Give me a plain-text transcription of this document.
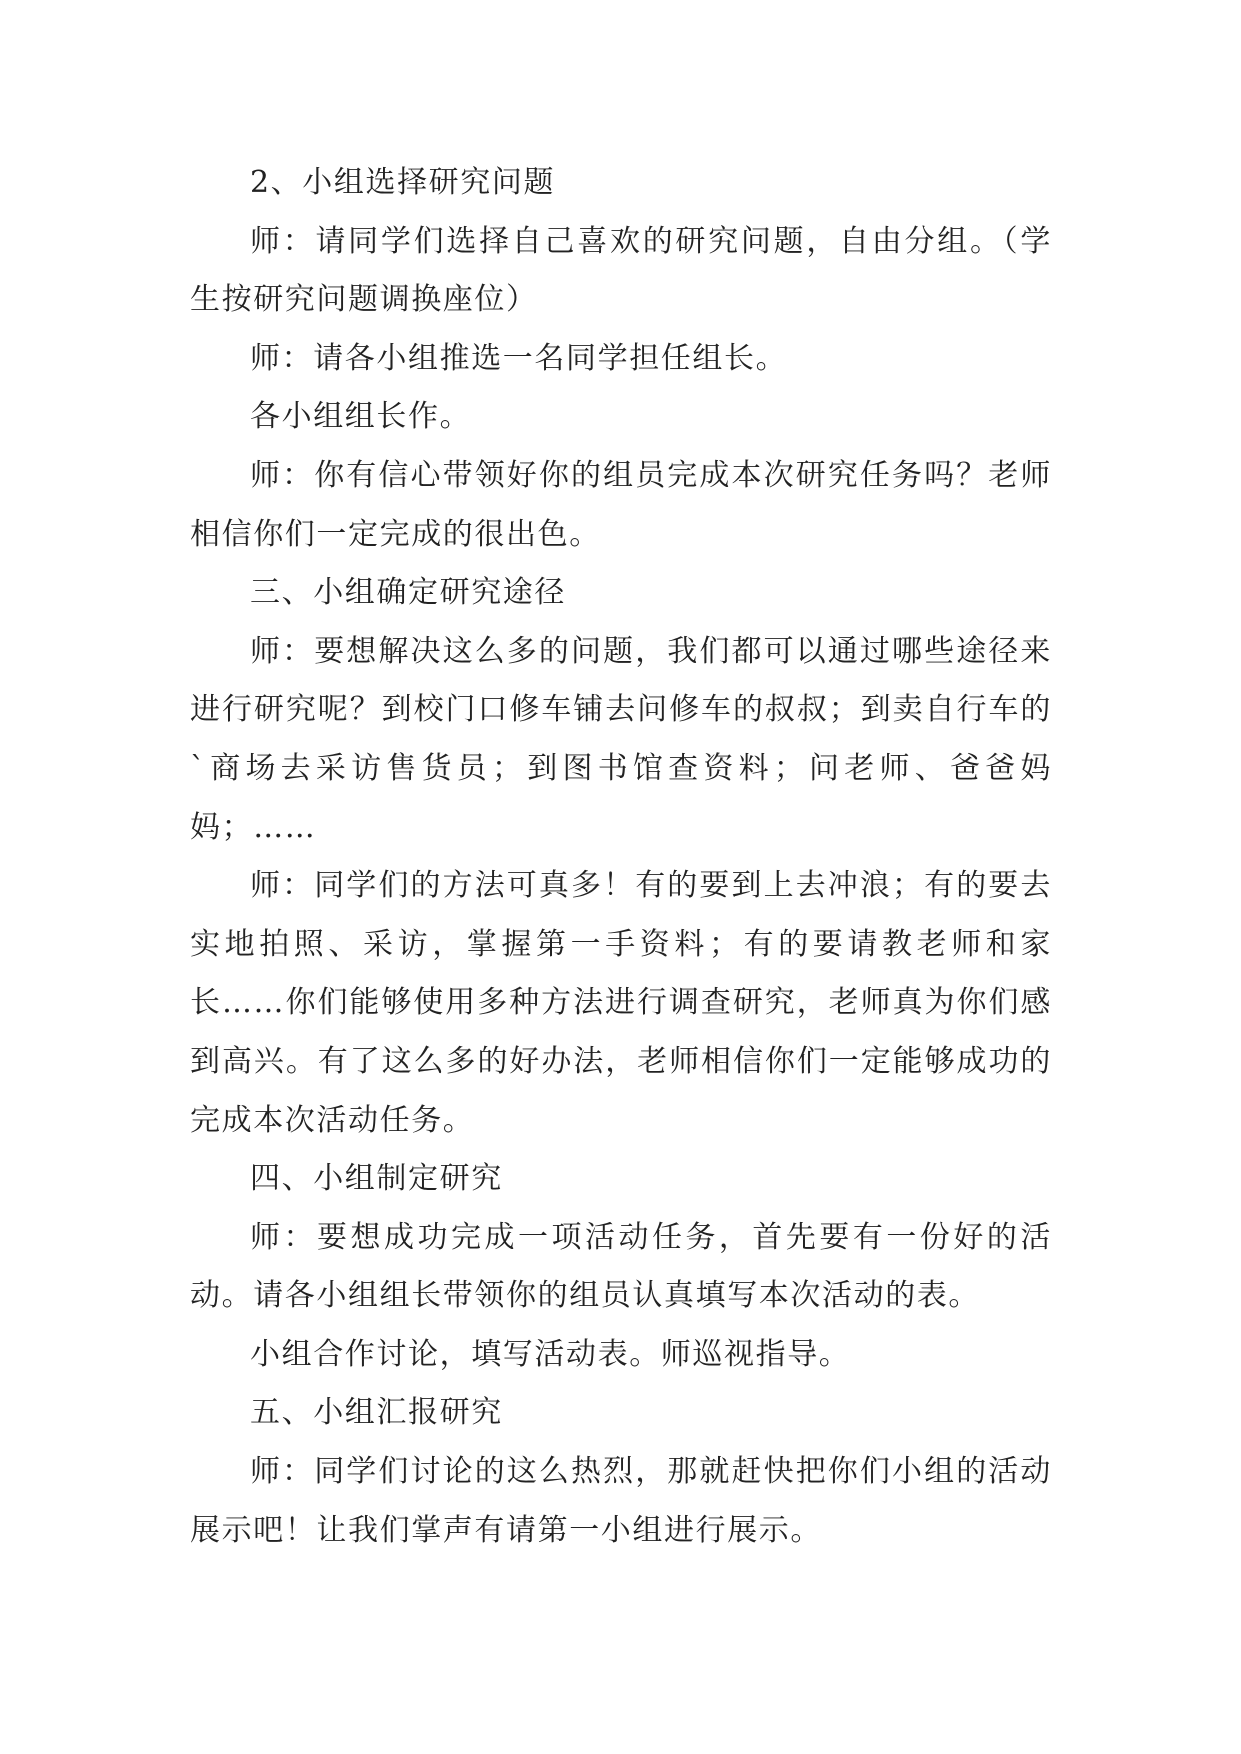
2、小组选择研究问题

师：请同学们选择自己喜欢的研究问题，自由分组。（学生按研究问题调换座位）

师：请各小组推选一名同学担任组长。

各小组组长作。

师：你有信心带领好你的组员完成本次研究任务吗？老师相信你们一定完成的很出色。

三、小组确定研究途径

师：要想解决这么多的问题，我们都可以通过哪些途径来进行研究呢？到校门口修车铺去问修车的叔叔；到卖自行车的`商场去采访售货员；到图书馆查资料；问老师、爸爸妈妈；……

师：同学们的方法可真多！有的要到上去冲浪；有的要去实地拍照、采访，掌握第一手资料；有的要请教老师和家长……你们能够使用多种方法进行调查研究，老师真为你们感到高兴。有了这么多的好办法，老师相信你们一定能够成功的完成本次活动任务。

四、小组制定研究

师：要想成功完成一项活动任务，首先要有一份好的活动。请各小组组长带领你的组员认真填写本次活动的表。

小组合作讨论，填写活动表。师巡视指导。

五、小组汇报研究

师：同学们讨论的这么热烈，那就赶快把你们小组的活动展示吧！让我们掌声有请第一小组进行展示。
